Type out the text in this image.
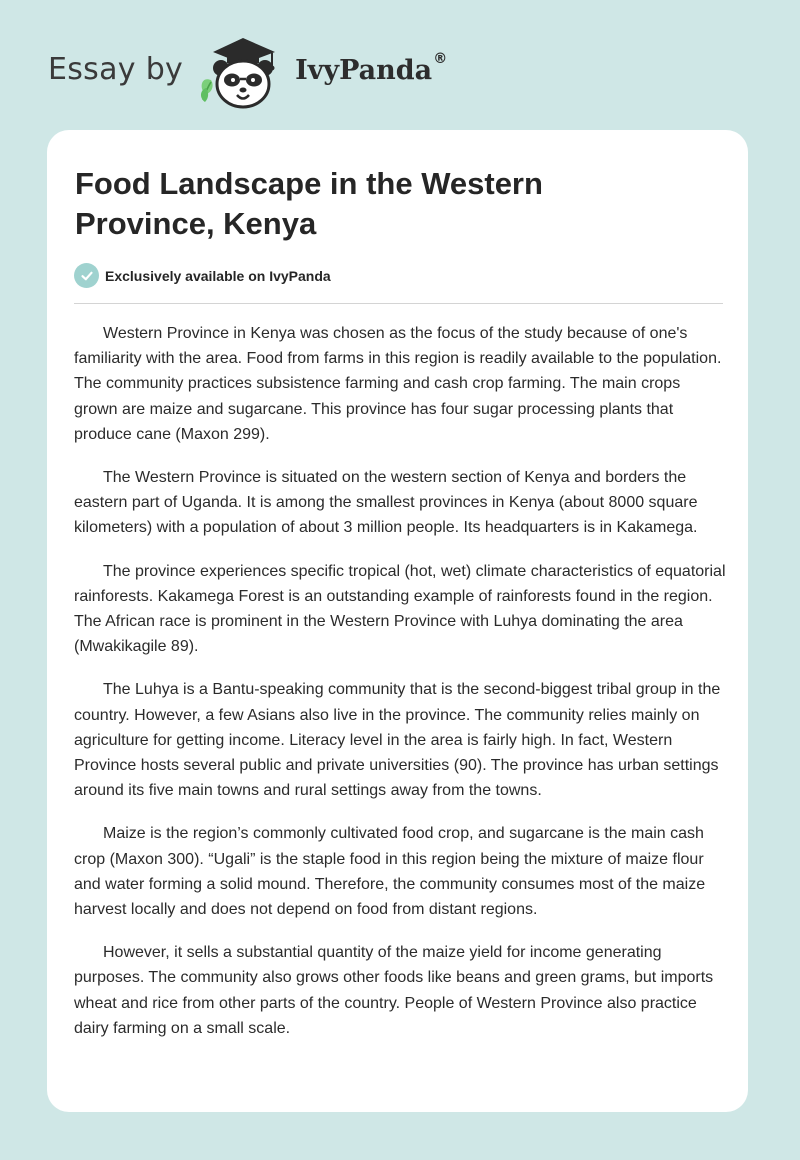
Essay by	IvyPanda®
Food Landscape in the Western Province, Kenya
Exclusively available on IvyPanda

Western Province in Kenya was chosen as the focus of the study because of one's familiarity with the area. Food from farms in this region is readily available to the population. The community practices subsistence farming and cash crop farming. The main crops grown are maize and sugarcane. This province has four sugar processing plants that produce cane (Maxon 299).

The Western Province is situated on the western section of Kenya and borders the eastern part of Uganda. It is among the smallest provinces in Kenya (about 8000 square kilometers) with a population of about 3 million people. Its headquarters is in Kakamega.

The province experiences specific tropical (hot, wet) climate characteristics of equatorial rainforests. Kakamega Forest is an outstanding example of rainforests found in the region. The African race is prominent in the Western Province with Luhya dominating the area (Mwakikagile 89).

The Luhya is a Bantu-speaking community that is the second-biggest tribal group in the country. However, a few Asians also live in the province. The community relies mainly on agriculture for getting income. Literacy level in the area is fairly high. In fact, Western Province hosts several public and private universities (90). The province has urban settings around its five main towns and rural settings away from the towns.

Maize is the region’s commonly cultivated food crop, and sugarcane is the main cash crop (Maxon 300). “Ugali” is the staple food in this region being the mixture of maize flour and water forming a solid mound. Therefore, the community consumes most of the maize harvest locally and does not depend on food from distant regions.

However, it sells a substantial quantity of the maize yield for income generating purposes. The community also grows other foods like beans and green grams, but imports wheat and rice from other parts of the country. People of Western Province also practice dairy farming on a small scale.
